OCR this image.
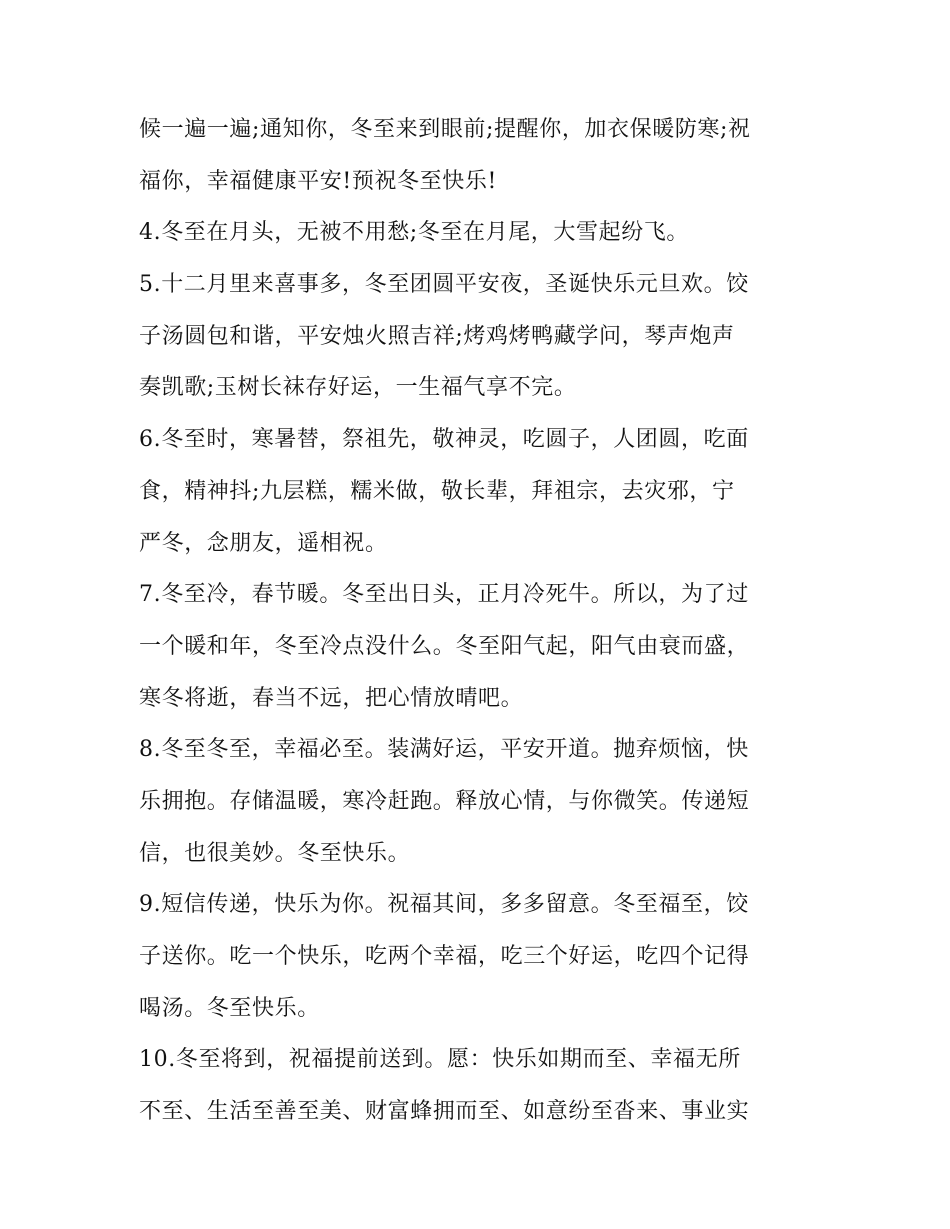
候一遍一遍;通知你，冬至来到眼前;提醒你，加衣保暖防寒;祝
福你，幸福健康平安!预祝冬至快乐!
4.冬至在月头，无被不用愁;冬至在月尾，大雪起纷飞。
5.十二月里来喜事多，冬至团圆平安夜，圣诞快乐元旦欢。饺
子汤圆包和谐，平安烛火照吉祥;烤鸡烤鸭藏学问，琴声炮声
奏凯歌;玉树长袜存好运，一生福气享不完。
6.冬至时，寒暑替，祭祖先，敬神灵，吃圆子，人团圆，吃面
食，精神抖;九层糕，糯米做，敬长辈，拜祖宗，去灾邪，宁
严冬，念朋友，遥相祝。
7.冬至冷，春节暖。冬至出日头，正月冷死牛。所以，为了过
一个暖和年，冬至冷点没什么。冬至阳气起，阳气由衰而盛，
寒冬将逝，春当不远，把心情放晴吧。
8.冬至冬至，幸福必至。装满好运，平安开道。抛弃烦恼，快
乐拥抱。存储温暖，寒冷赶跑。释放心情，与你微笑。传递短
信，也很美妙。冬至快乐。
9.短信传递，快乐为你。祝福其间，多多留意。冬至福至，饺
子送你。吃一个快乐，吃两个幸福，吃三个好运，吃四个记得
喝汤。冬至快乐。
10.冬至将到，祝福提前送到。愿：快乐如期而至、幸福无所
不至、生活至善至美、财富蜂拥而至、如意纷至沓来、事业实
